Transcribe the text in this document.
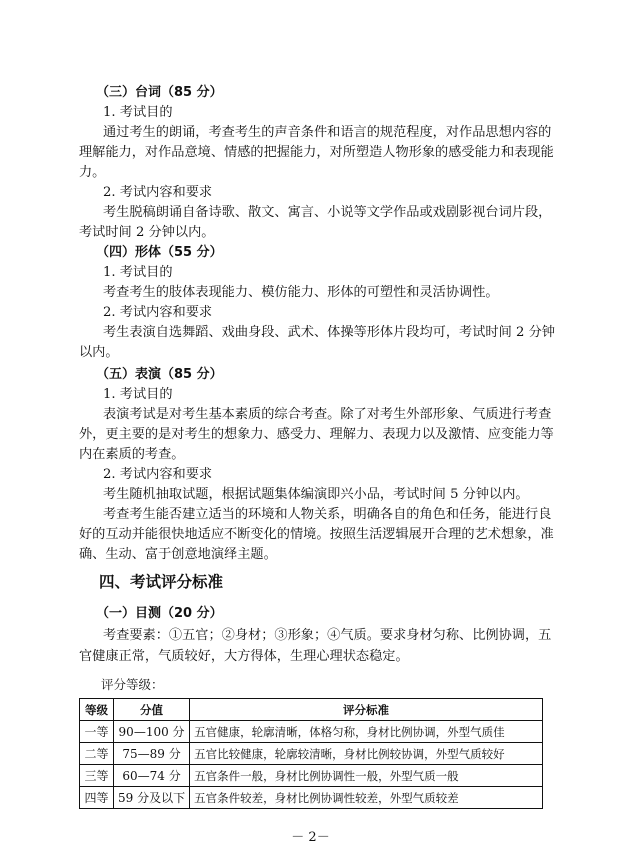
（三）台词（85 分）
1. 考试目的
通过考生的朗诵，考查考生的声音条件和语言的规范程度，对作品思想内容的
理解能力，对作品意境、情感的把握能力，对所塑造人物形象的感受能力和表现能
力。
2. 考试内容和要求
考生脱稿朗诵自备诗歌、散文、寓言、小说等文学作品或戏剧影视台词片段，
考试时间 2 分钟以内。
（四）形体（55 分）
1. 考试目的
考查考生的肢体表现能力、模仿能力、形体的可塑性和灵活协调性。
2. 考试内容和要求
考生表演自选舞蹈、戏曲身段、武术、体操等形体片段均可，考试时间 2 分钟
以内。
（五）表演（85 分）
1. 考试目的
表演考试是对考生基本素质的综合考查。除了对考生外部形象、气质进行考查
外，更主要的是对考生的想象力、感受力、理解力、表现力以及激情、应变能力等
内在素质的考查。
2. 考试内容和要求
考生随机抽取试题，根据试题集体编演即兴小品，考试时间 5 分钟以内。
考查考生能否建立适当的环境和人物关系，明确各自的角色和任务，能进行良
好的互动并能很快地适应不断变化的情境。按照生活逻辑展开合理的艺术想象，准
确、生动、富于创意地演绎主题。
四、考试评分标准
（一）目测（20 分）
考查要素：①五官；②身材；③形象；④气质。要求身材匀称、比例协调，五
官健康正常，气质较好，大方得体，生理心理状态稳定。
评分等级：
等级	分值	评分标准
一等	90—100 分	五官健康，轮廓清晰，体格匀称，身材比例协调，外型气质佳
二等	75—89 分	五官比较健康，轮廓较清晰，身材比例较协调，外型气质较好
三等	60—74 分	五官条件一般，身材比例协调性一般，外型气质一般
四等	59 分及以下	五官条件较差，身材比例协调性较差，外型气质较差
－ 2－
